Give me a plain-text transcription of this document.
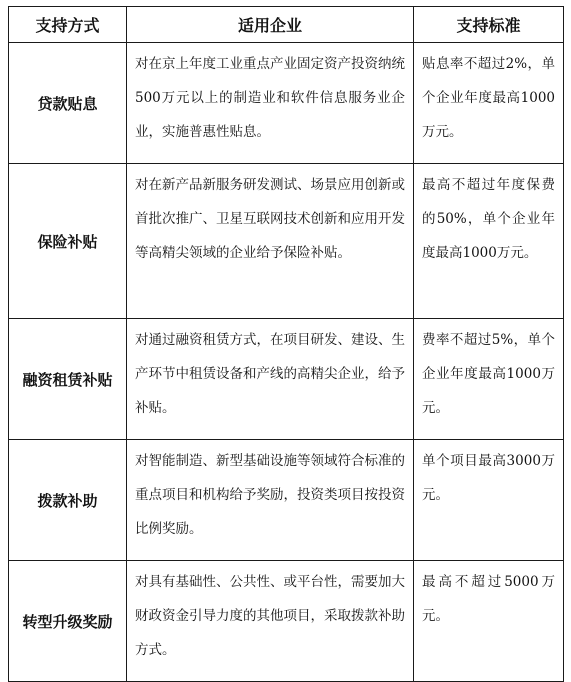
支持方式	适用企业	支持标准
贷款贴息	对在京上年度工业重点产业固定资产投资纳统500万元以上的制造业和软件信息服务业企业，实施普惠性贴息。	贴息率不超过2%，单个企业年度最高1000万元。
保险补贴	对在新产品新服务研发测试、场景应用创新或首批次推广、卫星互联网技术创新和应用开发等高精尖领域的企业给予保险补贴。	最高不超过年度保费的50%，单个企业年度最高1000万元。
融资租赁补贴	对通过融资租赁方式，在项目研发、建设、生产环节中租赁设备和产线的高精尖企业，给予补贴。	费率不超过5%，单个企业年度最高1000万元。
拨款补助	对智能制造、新型基础设施等领域符合标准的重点项目和机构给予奖励，投资类项目按投资比例奖励。	单个项目最高3000万元。
转型升级奖励	对具有基础性、公共性、或平台性，需要加大财政资金引导力度的其他项目，采取拨款补助方式。	最高不超过5000万元。
